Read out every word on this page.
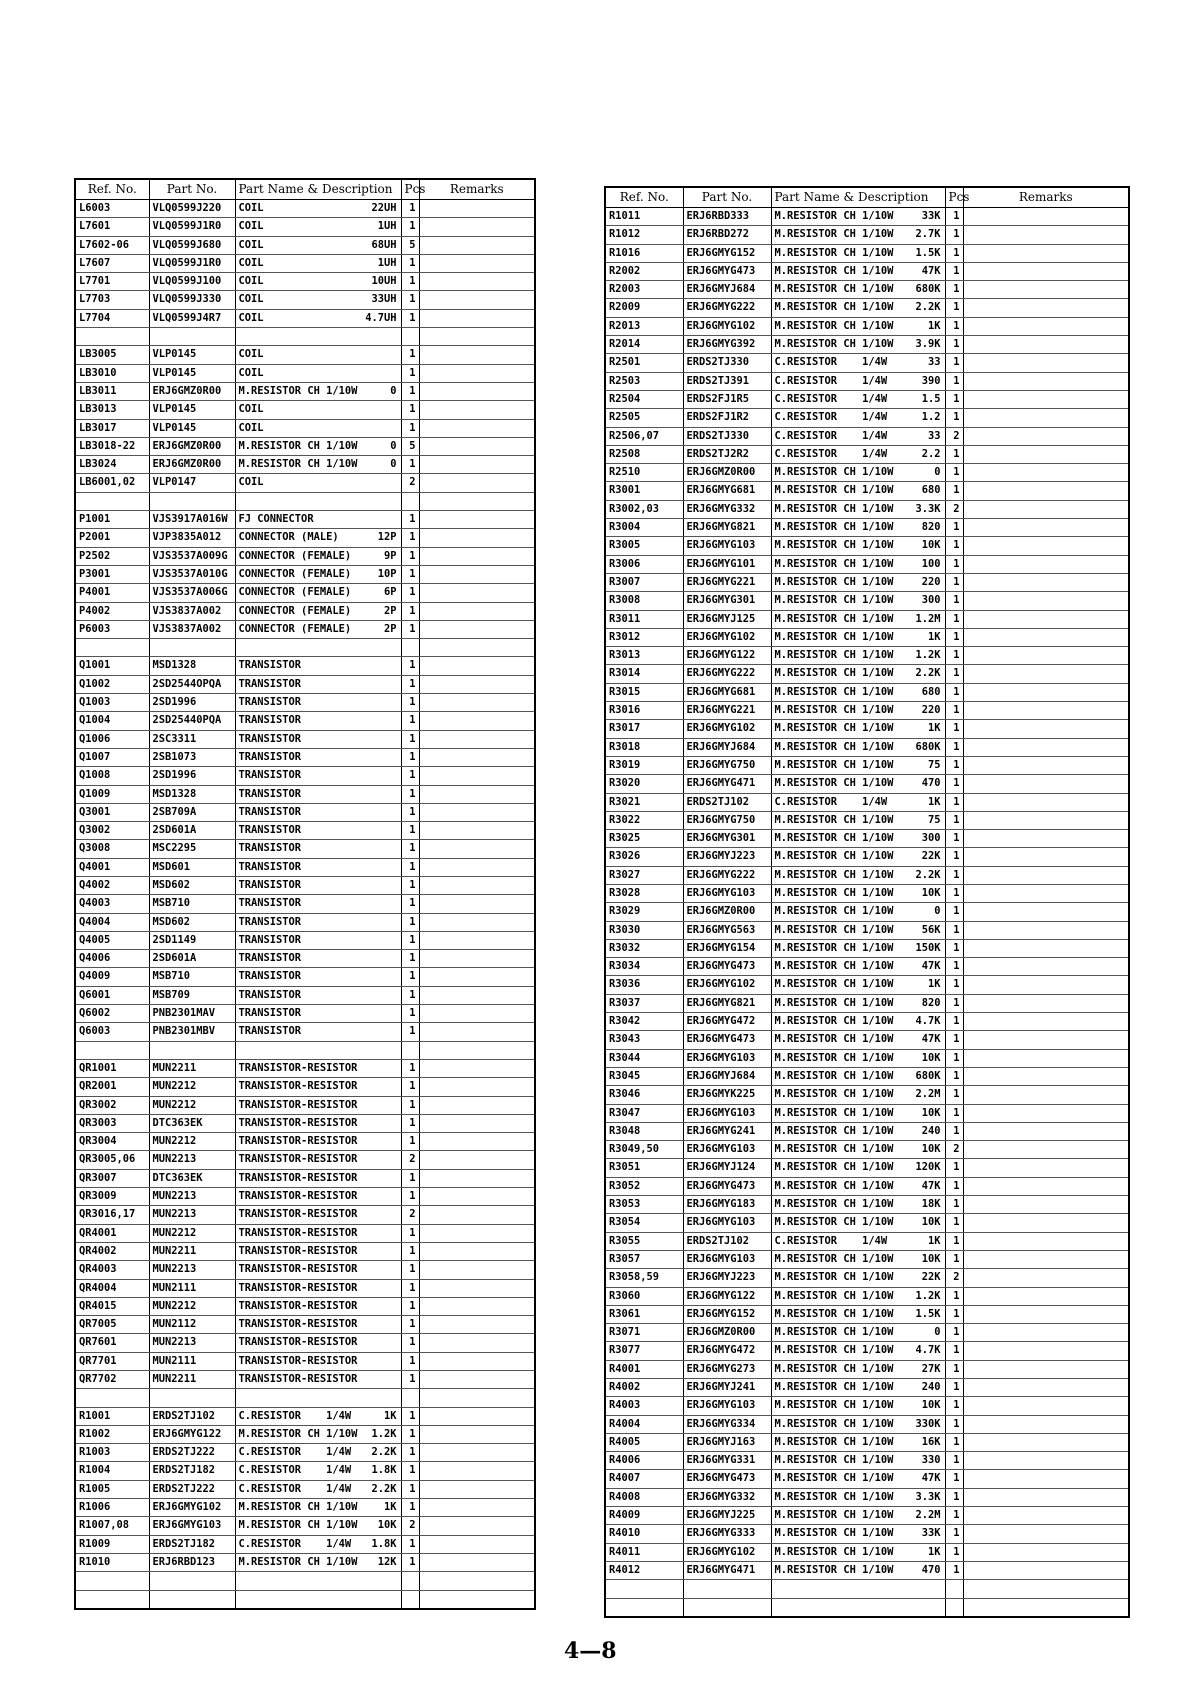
Ref. No.	Part No.	Part Name & Description	Pcs	Remarks
L6003	VLQ0599J220	COIL 22UH	1	
L7601	VLQ0599J1R0	COIL 1UH	1	
L7602-06	VLQ0599J680	COIL 68UH	5	
L7607	VLQ0599J1R0	COIL 1UH	1	
L7701	VLQ0599J100	COIL 10UH	1	
L7703	VLQ0599J330	COIL 33UH	1	
L7704	VLQ0599J4R7	COIL 4.7UH	1	

LB3005	VLP0145	COIL	1	
LB3010	VLP0145	COIL	1	
LB3011	ERJ6GMZ0R00	M.RESISTOR CH 1/10W 0	1	
LB3013	VLP0145	COIL	1	
LB3017	VLP0145	COIL	1	
LB3018-22	ERJ6GMZ0R00	M.RESISTOR CH 1/10W 0	5	
LB3024	ERJ6GMZ0R00	M.RESISTOR CH 1/10W 0	1	
LB6001,02	VLP0147	COIL	2	

P1001	VJS3917A016W	FJ CONNECTOR	1	
P2001	VJP3835A012	CONNECTOR (MALE) 12P	1	
P2502	VJS3537A009G	CONNECTOR (FEMALE) 9P	1	
P3001	VJS3537A010G	CONNECTOR (FEMALE) 10P	1	
P4001	VJS3537A006G	CONNECTOR (FEMALE) 6P	1	
P4002	VJS3837A002	CONNECTOR (FEMALE) 2P	1	
P6003	VJS3837A002	CONNECTOR (FEMALE) 2P	1	

Q1001	MSD1328	TRANSISTOR	1	
Q1002	2SD2544OPQA	TRANSISTOR	1	
Q1003	2SD1996	TRANSISTOR	1	
Q1004	2SD25440PQA	TRANSISTOR	1	
Q1006	2SC3311	TRANSISTOR	1	
Q1007	2SB1073	TRANSISTOR	1	
Q1008	2SD1996	TRANSISTOR	1	
Q1009	MSD1328	TRANSISTOR	1	
Q3001	2SB709A	TRANSISTOR	1	
Q3002	2SD601A	TRANSISTOR	1	
Q3008	MSC2295	TRANSISTOR	1	
Q4001	MSD601	TRANSISTOR	1	
Q4002	MSD602	TRANSISTOR	1	
Q4003	MSB710	TRANSISTOR	1	
Q4004	MSD602	TRANSISTOR	1	
Q4005	2SD1149	TRANSISTOR	1	
Q4006	2SD601A	TRANSISTOR	1	
Q4009	MSB710	TRANSISTOR	1	
Q6001	MSB709	TRANSISTOR	1	
Q6002	PNB2301MAV	TRANSISTOR	1	
Q6003	PNB2301MBV	TRANSISTOR	1	

QR1001	MUN2211	TRANSISTOR-RESISTOR	1	
QR2001	MUN2212	TRANSISTOR-RESISTOR	1	
QR3002	MUN2212	TRANSISTOR-RESISTOR	1	
QR3003	DTC363EK	TRANSISTOR-RESISTOR	1	
QR3004	MUN2212	TRANSISTOR-RESISTOR	1	
QR3005,06	MUN2213	TRANSISTOR-RESISTOR	2	
QR3007	DTC363EK	TRANSISTOR-RESISTOR	1	
QR3009	MUN2213	TRANSISTOR-RESISTOR	1	
QR3016,17	MUN2213	TRANSISTOR-RESISTOR	2	
QR4001	MUN2212	TRANSISTOR-RESISTOR	1	
QR4002	MUN2211	TRANSISTOR-RESISTOR	1	
QR4003	MUN2213	TRANSISTOR-RESISTOR	1	
QR4004	MUN2111	TRANSISTOR-RESISTOR	1	
QR4015	MUN2212	TRANSISTOR-RESISTOR	1	
QR7005	MUN2112	TRANSISTOR-RESISTOR	1	
QR7601	MUN2213	TRANSISTOR-RESISTOR	1	
QR7701	MUN2111	TRANSISTOR-RESISTOR	1	
QR7702	MUN2211	TRANSISTOR-RESISTOR	1	

R1001	ERDS2TJ102	C.RESISTOR    1/4W 1K	1	
R1002	ERJ6GMYG122	M.RESISTOR CH 1/10W 1.2K	1	
R1003	ERDS2TJ222	C.RESISTOR    1/4W 2.2K	1	
R1004	ERDS2TJ182	C.RESISTOR    1/4W 1.8K	1	
R1005	ERDS2TJ222	C.RESISTOR    1/4W 2.2K	1	
R1006	ERJ6GMYG102	M.RESISTOR CH 1/10W 1K	1	
R1007,08	ERJ6GMYG103	M.RESISTOR CH 1/10W 10K	2	
R1009	ERDS2TJ182	C.RESISTOR    1/4W 1.8K	1	
R1010	ERJ6RBD123	M.RESISTOR CH 1/10W 12K	1	

Ref. No.	Part No.	Part Name & Description	Pcs	Remarks
R1011	ERJ6RBD333	M.RESISTOR CH 1/10W 33K	1	
R1012	ERJ6RBD272	M.RESISTOR CH 1/10W 2.7K	1	
R1016	ERJ6GMYG152	M.RESISTOR CH 1/10W 1.5K	1	
R2002	ERJ6GMYG473	M.RESISTOR CH 1/10W 47K	1	
R2003	ERJ6GMYJ684	M.RESISTOR CH 1/10W 680K	1	
R2009	ERJ6GMYG222	M.RESISTOR CH 1/10W 2.2K	1	
R2013	ERJ6GMYG102	M.RESISTOR CH 1/10W 1K	1	
R2014	ERJ6GMYG392	M.RESISTOR CH 1/10W 3.9K	1	
R2501	ERDS2TJ330	C.RESISTOR    1/4W 33	1	
R2503	ERDS2TJ391	C.RESISTOR    1/4W 390	1	
R2504	ERDS2FJ1R5	C.RESISTOR    1/4W 1.5	1	
R2505	ERDS2FJ1R2	C.RESISTOR    1/4W 1.2	1	
R2506,07	ERDS2TJ330	C.RESISTOR    1/4W 33	2	
R2508	ERDS2TJ2R2	C.RESISTOR    1/4W 2.2	1	
R2510	ERJ6GMZ0R00	M.RESISTOR CH 1/10W 0	1	
R3001	ERJ6GMYG681	M.RESISTOR CH 1/10W 680	1	
R3002,03	ERJ6GMYG332	M.RESISTOR CH 1/10W 3.3K	2	
R3004	ERJ6GMYG821	M.RESISTOR CH 1/10W 820	1	
R3005	ERJ6GMYG103	M.RESISTOR CH 1/10W 10K	1	
R3006	ERJ6GMYG101	M.RESISTOR CH 1/10W 100	1	
R3007	ERJ6GMYG221	M.RESISTOR CH 1/10W 220	1	
R3008	ERJ6GMYG301	M.RESISTOR CH 1/10W 300	1	
R3011	ERJ6GMYJ125	M.RESISTOR CH 1/10W 1.2M	1	
R3012	ERJ6GMYG102	M.RESISTOR CH 1/10W 1K	1	
R3013	ERJ6GMYG122	M.RESISTOR CH 1/10W 1.2K	1	
R3014	ERJ6GMYG222	M.RESISTOR CH 1/10W 2.2K	1	
R3015	ERJ6GMYG681	M.RESISTOR CH 1/10W 680	1	
R3016	ERJ6GMYG221	M.RESISTOR CH 1/10W 220	1	
R3017	ERJ6GMYG102	M.RESISTOR CH 1/10W 1K	1	
R3018	ERJ6GMYJ684	M.RESISTOR CH 1/10W 680K	1	
R3019	ERJ6GMYG750	M.RESISTOR CH 1/10W 75	1	
R3020	ERJ6GMYG471	M.RESISTOR CH 1/10W 470	1	
R3021	ERDS2TJ102	C.RESISTOR    1/4W 1K	1	
R3022	ERJ6GMYG750	M.RESISTOR CH 1/10W 75	1	
R3025	ERJ6GMYG301	M.RESISTOR CH 1/10W 300	1	
R3026	ERJ6GMYJ223	M.RESISTOR CH 1/10W 22K	1	
R3027	ERJ6GMYG222	M.RESISTOR CH 1/10W 2.2K	1	
R3028	ERJ6GMYG103	M.RESISTOR CH 1/10W 10K	1	
R3029	ERJ6GMZ0R00	M.RESISTOR CH 1/10W 0	1	
R3030	ERJ6GMYG563	M.RESISTOR CH 1/10W 56K	1	
R3032	ERJ6GMYG154	M.RESISTOR CH 1/10W 150K	1	
R3034	ERJ6GMYG473	M.RESISTOR CH 1/10W 47K	1	
R3036	ERJ6GMYG102	M.RESISTOR CH 1/10W 1K	1	
R3037	ERJ6GMYG821	M.RESISTOR CH 1/10W 820	1	
R3042	ERJ6GMYG472	M.RESISTOR CH 1/10W 4.7K	1	
R3043	ERJ6GMYG473	M.RESISTOR CH 1/10W 47K	1	
R3044	ERJ6GMYG103	M.RESISTOR CH 1/10W 10K	1	
R3045	ERJ6GMYJ684	M.RESISTOR CH 1/10W 680K	1	
R3046	ERJ6GMYK225	M.RESISTOR CH 1/10W 2.2M	1	
R3047	ERJ6GMYG103	M.RESISTOR CH 1/10W 10K	1	
R3048	ERJ6GMYG241	M.RESISTOR CH 1/10W 240	1	
R3049,50	ERJ6GMYG103	M.RESISTOR CH 1/10W 10K	2	
R3051	ERJ6GMYJ124	M.RESISTOR CH 1/10W 120K	1	
R3052	ERJ6GMYG473	M.RESISTOR CH 1/10W 47K	1	
R3053	ERJ6GMYG183	M.RESISTOR CH 1/10W 18K	1	
R3054	ERJ6GMYG103	M.RESISTOR CH 1/10W 10K	1	
R3055	ERDS2TJ102	C.RESISTOR    1/4W 1K	1	
R3057	ERJ6GMYG103	M.RESISTOR CH 1/10W 10K	1	
R3058,59	ERJ6GMYJ223	M.RESISTOR CH 1/10W 22K	2	
R3060	ERJ6GMYG122	M.RESISTOR CH 1/10W 1.2K	1	
R3061	ERJ6GMYG152	M.RESISTOR CH 1/10W 1.5K	1	
R3071	ERJ6GMZ0R00	M.RESISTOR CH 1/10W 0	1	
R3077	ERJ6GMYG472	M.RESISTOR CH 1/10W 4.7K	1	
R4001	ERJ6GMYG273	M.RESISTOR CH 1/10W 27K	1	
R4002	ERJ6GMYJ241	M.RESISTOR CH 1/10W 240	1	
R4003	ERJ6GMYG103	M.RESISTOR CH 1/10W 10K	1	
R4004	ERJ6GMYG334	M.RESISTOR CH 1/10W 330K	1	
R4005	ERJ6GMYJ163	M.RESISTOR CH 1/10W 16K	1	
R4006	ERJ6GMYG331	M.RESISTOR CH 1/10W 330	1	
R4007	ERJ6GMYG473	M.RESISTOR CH 1/10W 47K	1	
R4008	ERJ6GMYG332	M.RESISTOR CH 1/10W 3.3K	1	
R4009	ERJ6GMYJ225	M.RESISTOR CH 1/10W 2.2M	1	
R4010	ERJ6GMYG333	M.RESISTOR CH 1/10W 33K	1	
R4011	ERJ6GMYG102	M.RESISTOR CH 1/10W 1K	1	
R4012	ERJ6GMYG471	M.RESISTOR CH 1/10W 470	1	

4—8
